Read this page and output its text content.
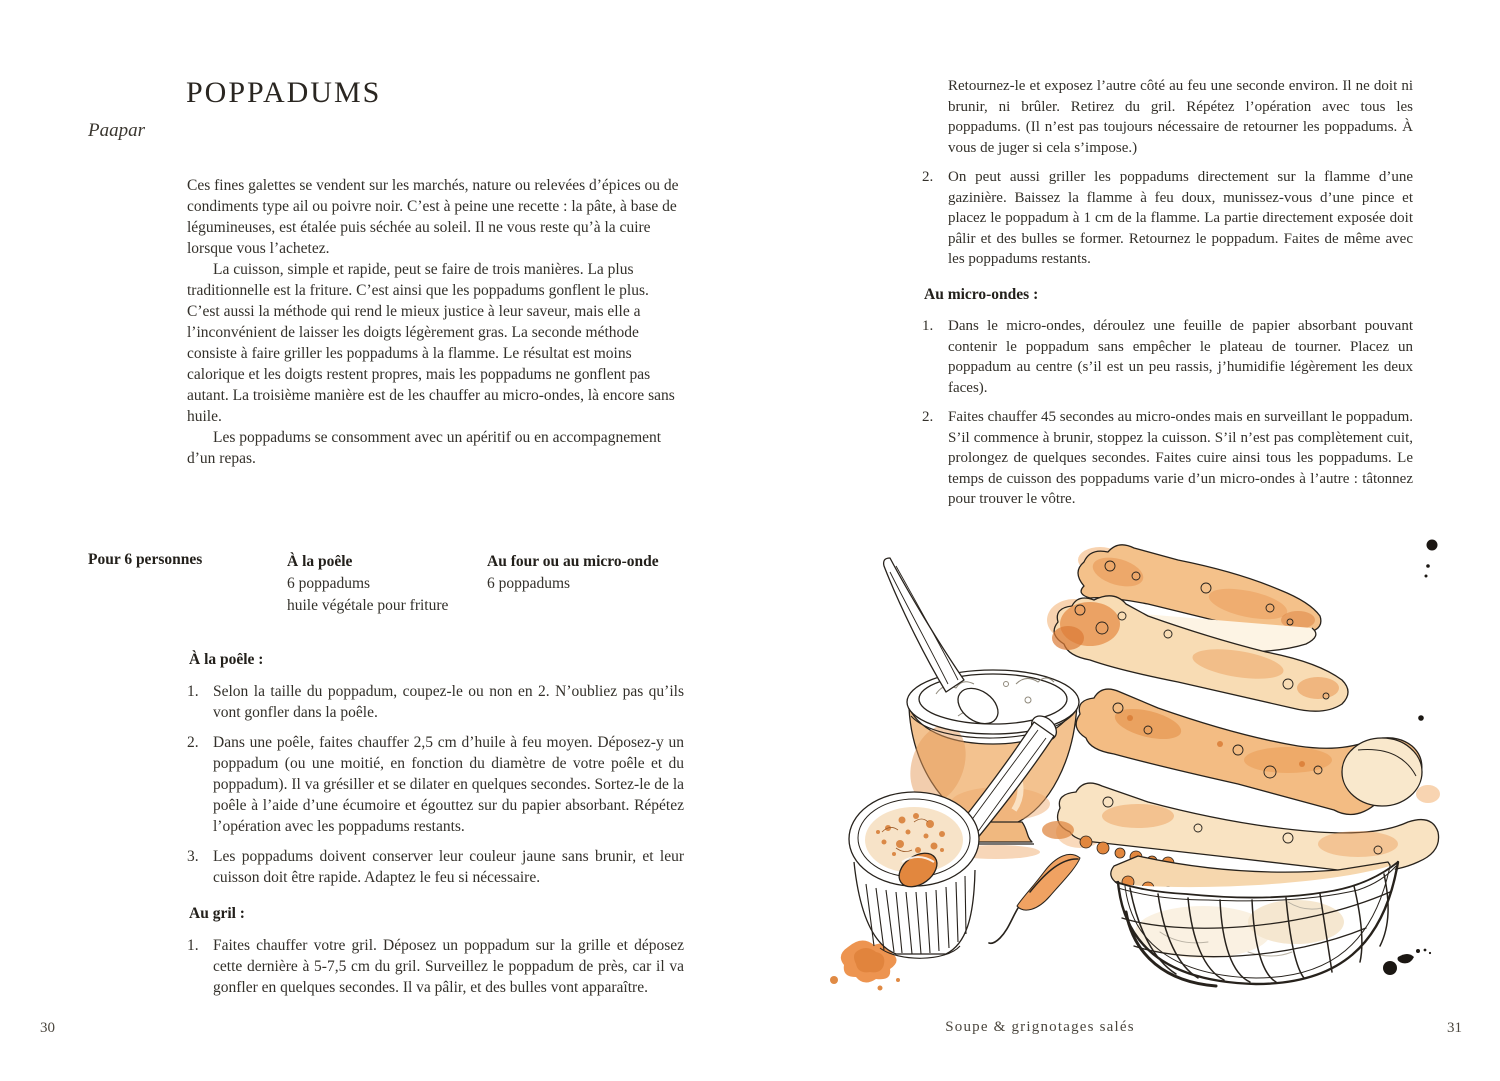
POPPADUMS
Paapar

Ces fines galettes se vendent sur les marchés, nature ou relevées d’épices ou de condiments type ail ou poivre noir. C’est à peine une recette : la pâte, à base de légumineuses, est étalée puis séchée au soleil. Il ne vous reste qu’à la cuire lorsque vous l’achetez.

La cuisson, simple et rapide, peut se faire de trois manières. La plus traditionnelle est la friture. C’est ainsi que les poppadums gonflent le plus. C’est aussi la méthode qui rend le mieux justice à leur saveur, mais elle a l’inconvénient de laisser les doigts légèrement gras. La seconde méthode consiste à faire griller les poppadums à la flamme. Le résultat est moins calorique et les doigts restent propres, mais les poppadums ne gonflent pas autant. La troisième manière est de les chauffer au micro-ondes, là encore sans huile.

Les poppadums se consomment avec un apéritif ou en accompagnement d’un repas.

Pour 6 personnes	À la poêle
6 poppadums
huile végétale pour friture
Au four ou au micro-onde
6 poppadums
À la poêle :
1. Selon la taille du poppadum, coupez-le ou non en 2. N’oubliez pas qu’ils vont gonfler dans la poêle.
2. Dans une poêle, faites chauffer 2,5 cm d’huile à feu moyen. Déposez-y un poppadum (ou une moitié, en fonction du diamètre de votre poêle et du poppadum). Il va grésiller et se dilater en quelques secondes. Sortez-le de la poêle à l’aide d’une écumoire et égouttez sur du papier absorbant. Répétez l’opération avec les poppadums restants.
3. Les poppadums doivent conserver leur couleur jaune sans brunir, et leur cuisson doit être rapide. Adaptez le feu si nécessaire.
Au gril :
1. Faites chauffer votre gril. Déposez un poppadum sur la grille et déposez cette dernière à 5-7,5 cm du gril. Surveillez le poppadum de près, car il va gonfler en quelques secondes. Il va pâlir, et des bulles vont apparaître.
30

Retournez-le et exposez l’autre côté au feu une seconde environ. Il ne doit ni brunir, ni brûler. Retirez du gril. Répétez l’opération avec tous les poppadums. (Il n’est pas toujours nécessaire de retourner les poppadums. À vous de juger si cela s’impose.)

2. On peut aussi griller les poppadums directement sur la flamme d’une gazinière. Baissez la flamme à feu doux, munissez-vous d’une pince et placez le poppadum à 1 cm de la flamme. La partie directement exposée doit pâlir et des bulles se former. Retournez le poppadum. Faites de même avec les poppadums restants.
Au micro-ondes :
1. Dans le micro-ondes, déroulez une feuille de papier absorbant pouvant contenir le poppadum sans empêcher le plateau de tourner. Placez un poppadum au centre (s’il est un peu rassis, j’humidifie légèrement les deux faces).
2. Faites chauffer 45 secondes au micro-ondes mais en surveillant le poppadum. S’il commence à brunir, stoppez la cuisson. S’il n’est pas complètement cuit, prolongez de quelques secondes. Faites cuire ainsi tous les poppadums. Le temps de cuisson des poppadums varie d’un micro-ondes à l’autre : tâtonnez pour trouver le vôtre.
Soupe & grignotages salés	31
